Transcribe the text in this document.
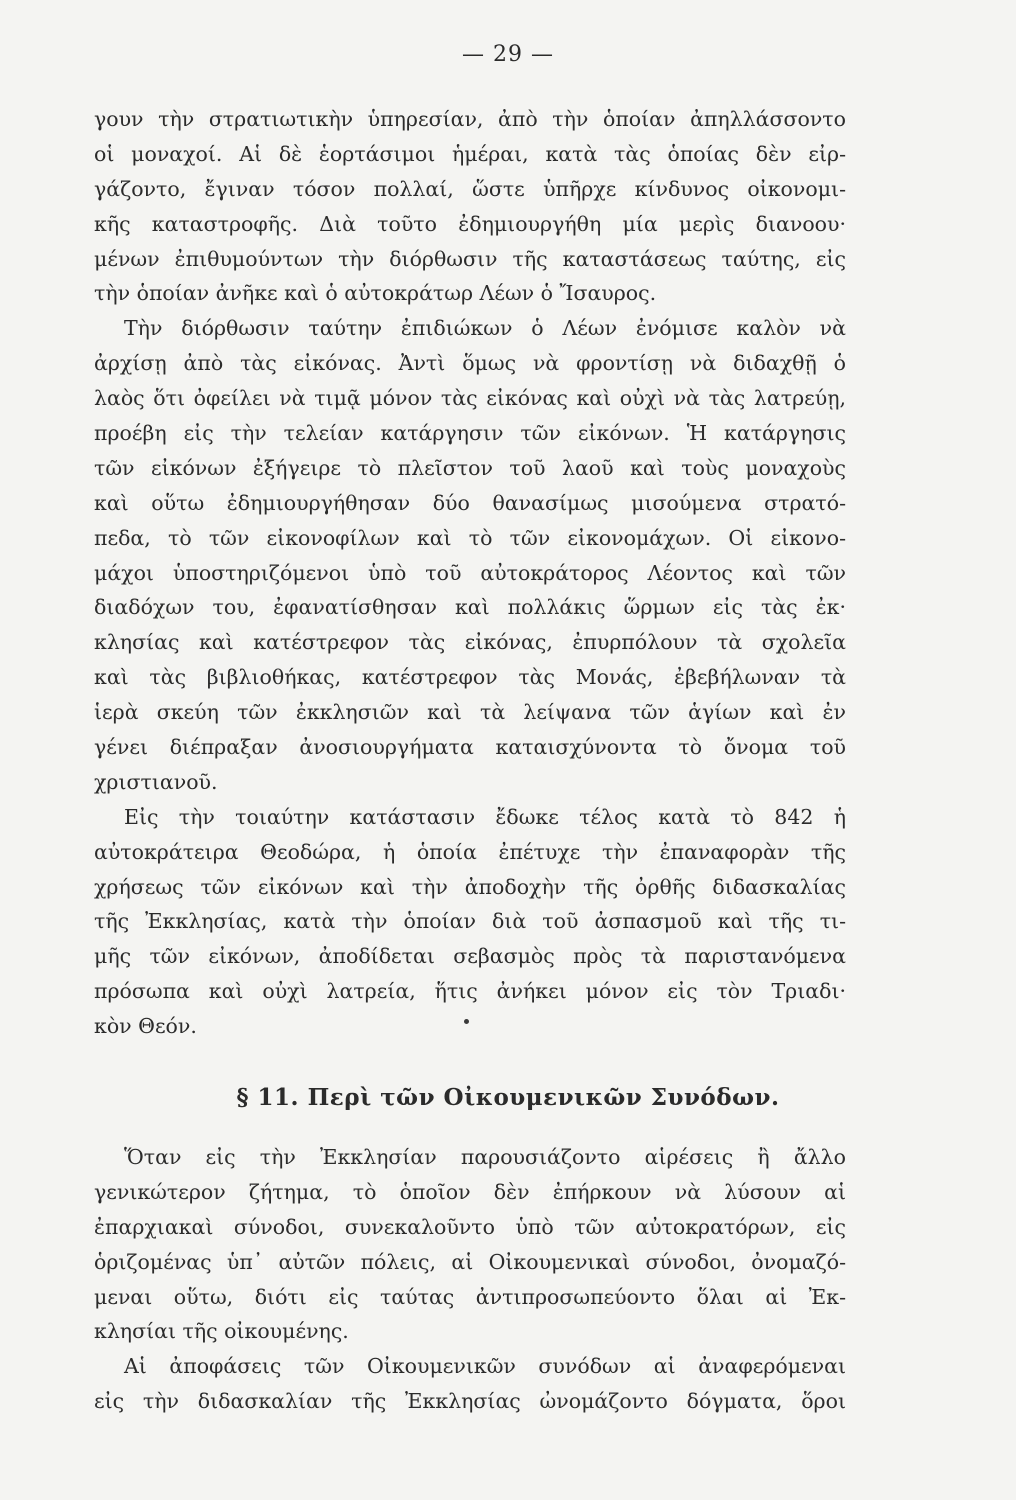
— 29 —
γουν τὴν στρατιωτικὴν ὑπηρεσίαν, ἀπὸ τὴν ὁποίαν ἀπηλλάσσοντο
οἱ μοναχοί. Αἱ δὲ ἑορτάσιμοι ἡμέραι, κατὰ τὰς ὁποίας δὲν εἰρ-
γάζοντο, ἔγιναν τόσον πολλαί, ὥστε ὑπῆρχε κίνδυνος οἰκονομι-
κῆς καταστροφῆς. Διὰ τοῦτο ἐδημιουργήθη μία μερὶς διανοου·
μένων ἐπιθυμούντων τὴν διόρθωσιν τῆς καταστάσεως ταύτης, εἰς
τὴν ὁποίαν ἀνῆκε καὶ ὁ αὐτοκράτωρ Λέων ὁ Ἴσαυρος.
Τὴν διόρθωσιν ταύτην ἐπιδιώκων ὁ Λέων ἐνόμισε καλὸν νὰ
ἀρχίσῃ ἀπὸ τὰς εἰκόνας. Ἀντὶ ὅμως νὰ φροντίσῃ νὰ διδαχθῇ ὁ
λαὸς ὅτι ὀφείλει νὰ τιμᾷ μόνον τὰς εἰκόνας καὶ οὐχὶ νὰ τὰς λατρεύῃ,
προέβη εἰς τὴν τελείαν κατάργησιν τῶν εἰκόνων. Ἡ κατάργησις
τῶν εἰκόνων ἐξήγειρε τὸ πλεῖστον τοῦ λαοῦ καὶ τοὺς μοναχοὺς
καὶ οὕτω ἐδημιουργήθησαν δύο θανασίμως μισούμενα στρατό-
πεδα, τὸ τῶν εἰκονοφίλων καὶ τὸ τῶν εἰκονομάχων. Οἱ εἰκονο-
μάχοι ὑποστηριζόμενοι ὑπὸ τοῦ αὐτοκράτορος Λέοντος καὶ τῶν
διαδόχων του, ἐφανατίσθησαν καὶ πολλάκις ὥρμων εἰς τὰς ἐκ·
κλησίας καὶ κατέστρεφον τὰς εἰκόνας, ἐπυρπόλουν τὰ σχολεῖα
καὶ τὰς βιβλιοθήκας, κατέστρεφον τὰς Μονάς, ἐβεβήλωναν τὰ
ἱερὰ σκεύη τῶν ἐκκλησιῶν καὶ τὰ λείψανα τῶν ἁγίων καὶ ἐν
γένει διέπραξαν ἀνοσιουργήματα καταισχύνοντα τὸ ὄνομα τοῦ
χριστιανοῦ.
Εἰς τὴν τοιαύτην κατάστασιν ἔδωκε τέλος κατὰ τὸ 842 ἡ
αὐτοκράτειρα Θεοδώρα, ἡ ὁποία ἐπέτυχε τὴν ἐπαναφορὰν τῆς
χρήσεως τῶν εἰκόνων καὶ τὴν ἀποδοχὴν τῆς ὀρθῆς διδασκαλίας
τῆς Ἐκκλησίας, κατὰ τὴν ὁποίαν διὰ τοῦ ἀσπασμοῦ καὶ τῆς τι-
μῆς τῶν εἰκόνων, ἀποδίδεται σεβασμὸς πρὸς τὰ παριστανόμενα
πρόσωπα καὶ οὐχὶ λατρεία, ἥτις ἀνήκει μόνον εἰς τὸν Τριαδι·
κὸν Θεόν.
§ 11. Περὶ τῶν Οἰκουμενικῶν Συνόδων.
Ὅταν εἰς τὴν Ἐκκλησίαν παρουσιάζοντο αἱρέσεις ἢ ἄλλο
γενικώτερον ζήτημα, τὸ ὁποῖον δὲν ἐπήρκουν νὰ λύσουν αἱ
ἐπαρχιακαὶ σύνοδοι, συνεκαλοῦντο ὑπὸ τῶν αὐτοκρατόρων, εἰς
ὁριζομένας ὑπ᾽ αὐτῶν πόλεις, αἱ Οἰκουμενικαὶ σύνοδοι, ὀνομαζό-
μεναι οὕτω, διότι εἰς ταύτας ἀντιπροσωπεύοντο ὅλαι αἱ Ἐκ-
κλησίαι τῆς οἰκουμένης.
Αἱ ἀποφάσεις τῶν Οἰκουμενικῶν συνόδων αἱ ἀναφερόμεναι
εἰς τὴν διδασκαλίαν τῆς Ἐκκλησίας ὠνομάζοντο δόγματα, ὅροι
